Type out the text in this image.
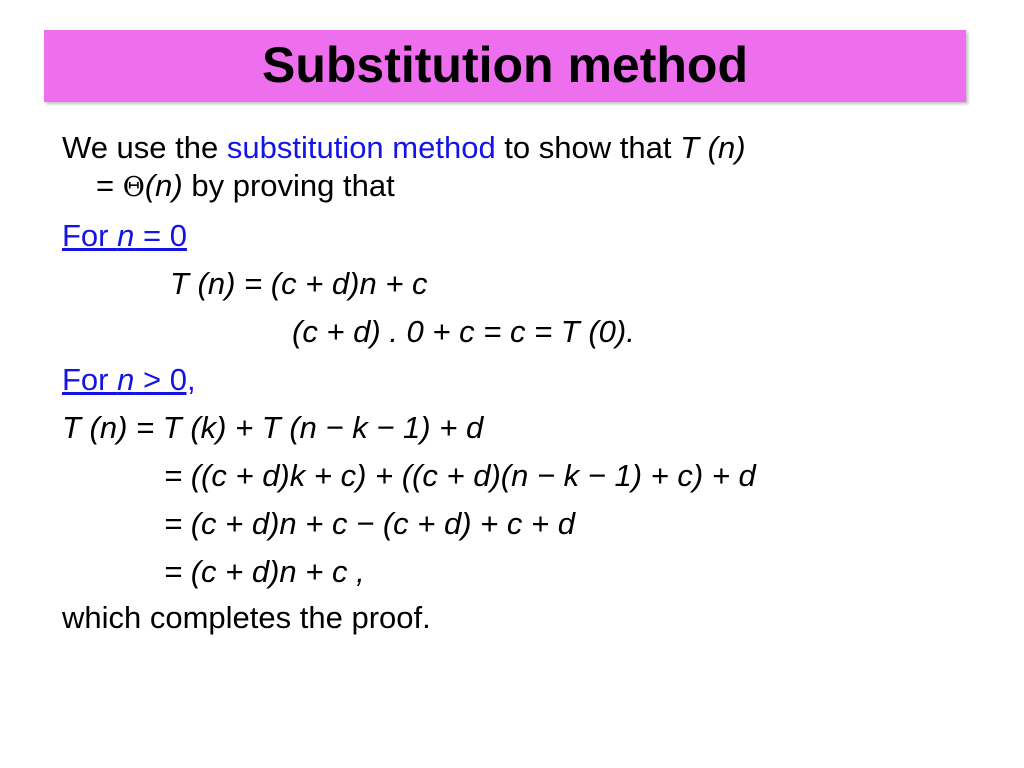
Substitution method

We use the substitution method to show that T (n)

= Θ(n) by proving that

For n = 0

T (n) = (c + d)n + c

(c + d) . 0 + c = c = T (0).

For n > 0,

T (n) = T (k) + T (n − k − 1) + d

= ((c + d)k + c) + ((c + d)(n − k − 1) + c) + d

= (c + d)n + c − (c + d) + c + d

= (c + d)n + c ,

which completes the proof.
